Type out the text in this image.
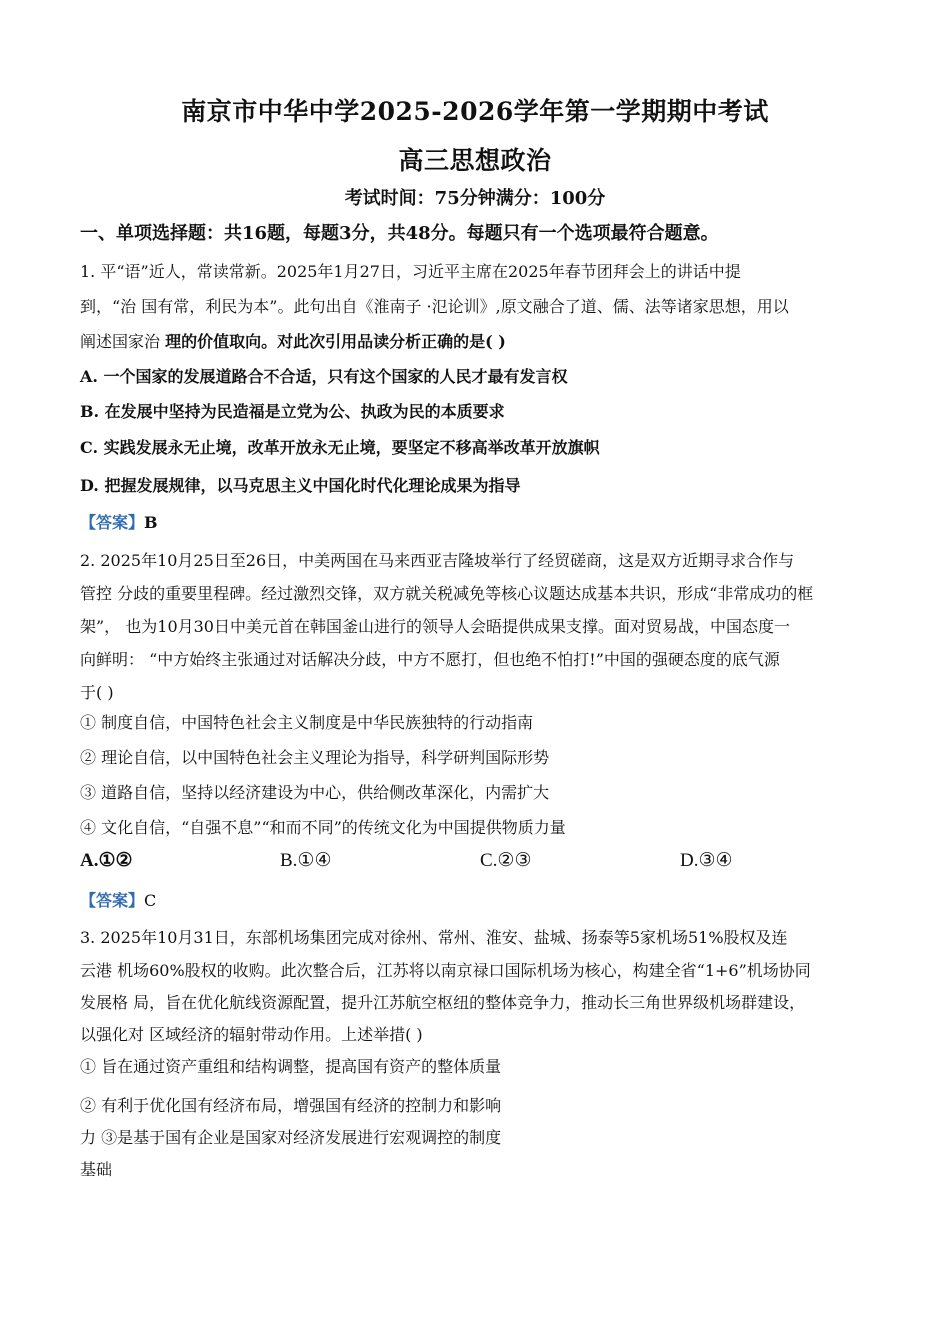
南京市中华中学2025-2026学年第一学期期中考试
高三思想政治
考试时间：75分钟满分：100分
一、单项选择题：共16题，每题3分，共48分。每题只有一个选项最符合题意。
1. 平“语”近人，常读常新。2025年1月27日，习近平主席在2025年春节团拜会上的讲话中提
到，“治 国有常，利民为本”。此句出自《淮南子 ·氾论训》,原文融合了道、儒、法等诸家思想，用以
阐述国家治 理的价值取向。对此次引用品读分析正确的是( )
A. 一个国家的发展道路合不合适，只有这个国家的人民才最有发言权
B. 在发展中坚持为民造福是立党为公、执政为民的本质要求
C. 实践发展永无止境，改革开放永无止境，要坚定不移高举改革开放旗帜
D. 把握发展规律，以马克思主义中国化时代化理论成果为指导
【答案】B
2. 2025年10月25日至26日，中美两国在马来西亚吉隆坡举行了经贸磋商，这是双方近期寻求合作与
管控 分歧的重要里程碑。经过激烈交锋，双方就关税减免等核心议题达成基本共识，形成“非常成功的框
架”， 也为10月30日中美元首在韩国釜山进行的领导人会晤提供成果支撑。面对贸易战，中国态度一
向鲜明： “中方始终主张通过对话解决分歧，中方不愿打，但也绝不怕打!”中国的强硬态度的底气源
于( )
① 制度自信，中国特色社会主义制度是中华民族独特的行动指南
② 理论自信，以中国特色社会主义理论为指导，科学研判国际形势
③ 道路自信，坚持以经济建设为中心，供给侧改革深化，内需扩大
④ 文化自信，“自强不息”“和而不同”的传统文化为中国提供物质力量
A.①②	B.①④	C.②③	D.③④
【答案】C
3. 2025年10月31日，东部机场集团完成对徐州、常州、淮安、盐城、扬泰等5家机场51%股权及连
云港 机场60%股权的收购。此次整合后，江苏将以南京禄口国际机场为核心，构建全省“1+6”机场协同
发展格 局，旨在优化航线资源配置，提升江苏航空枢纽的整体竞争力，推动长三角世界级机场群建设，
以强化对 区域经济的辐射带动作用。上述举措( )
① 旨在通过资产重组和结构调整，提高国有资产的整体质量
② 有利于优化国有经济布局，增强国有经济的控制力和影响
力 ③是基于国有企业是国家对经济发展进行宏观调控的制度
基础
